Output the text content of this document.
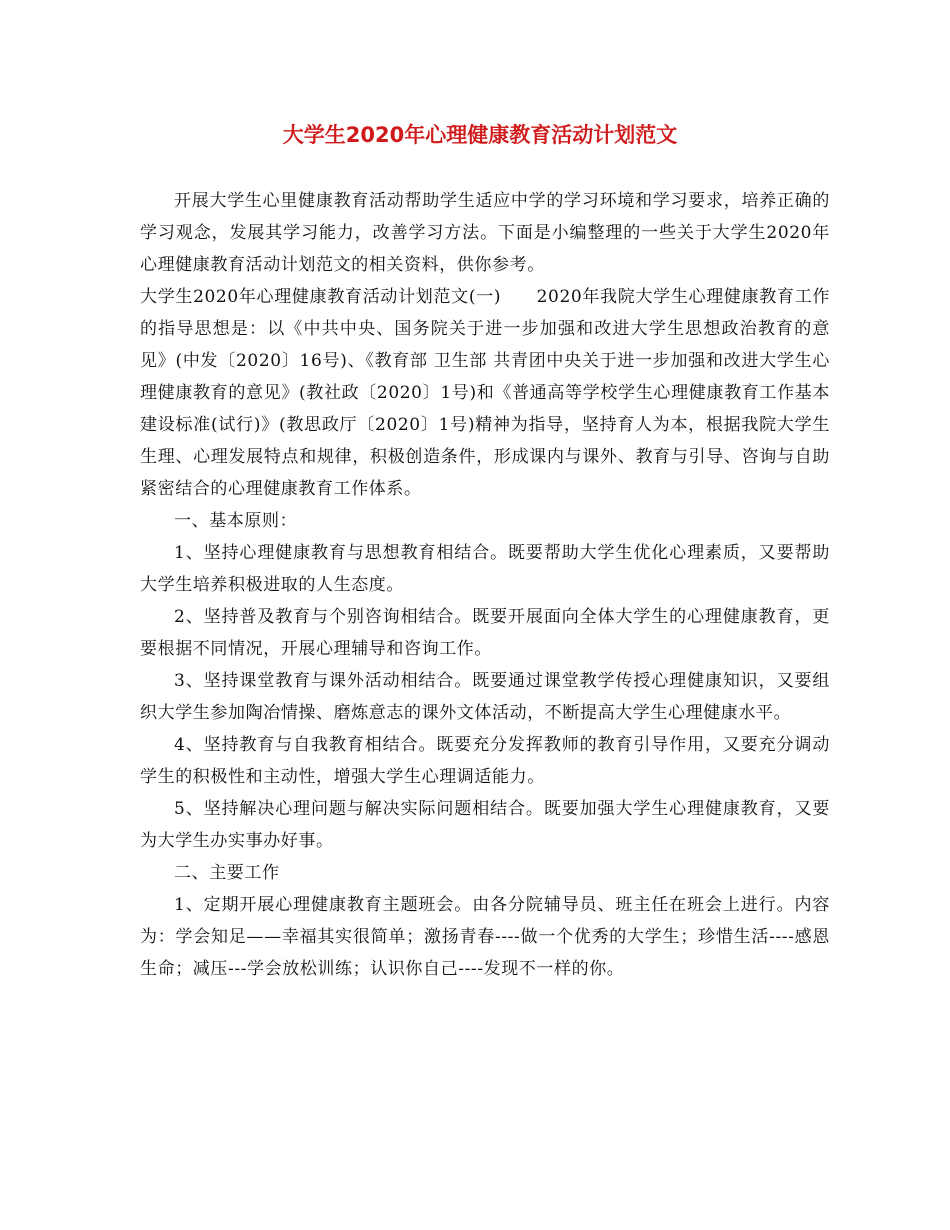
大学生2020年心理健康教育活动计划范文

开展大学生心里健康教育活动帮助学生适应中学的学习环境和学习要求，培养正确的学习观念，发展其学习能力，改善学习方法。下面是小编整理的一些关于大学生2020年心理健康教育活动计划范文的相关资料，供你参考。

大学生2020年心理健康教育活动计划范文(一)　　2020年我院大学生心理健康教育工作的指导思想是：以《中共中央、国务院关于进一步加强和改进大学生思想政治教育的意见》(中发〔2020〕16号)、《教育部 卫生部 共青团中央关于进一步加强和改进大学生心理健康教育的意见》(教社政〔2020〕1号)和《普通高等学校学生心理健康教育工作基本建设标准(试行)》(教思政厅〔2020〕1号)精神为指导，坚持育人为本，根据我院大学生生理、心理发展特点和规律，积极创造条件，形成课内与课外、教育与引导、咨询与自助紧密结合的心理健康教育工作体系。

一、基本原则：

1、坚持心理健康教育与思想教育相结合。既要帮助大学生优化心理素质，又要帮助大学生培养积极进取的人生态度。

2、坚持普及教育与个别咨询相结合。既要开展面向全体大学生的心理健康教育，更要根据不同情况，开展心理辅导和咨询工作。

3、坚持课堂教育与课外活动相结合。既要通过课堂教学传授心理健康知识，又要组织大学生参加陶冶情操、磨炼意志的课外文体活动，不断提高大学生心理健康水平。

4、坚持教育与自我教育相结合。既要充分发挥教师的教育引导作用，又要充分调动学生的积极性和主动性，增强大学生心理调适能力。

5、坚持解决心理问题与解决实际问题相结合。既要加强大学生心理健康教育，又要为大学生办实事办好事。

二、主要工作

1、定期开展心理健康教育主题班会。由各分院辅导员、班主任在班会上进行。内容为：学会知足——幸福其实很简单；激扬青春----做一个优秀的大学生；珍惜生活----感恩生命；减压---学会放松训练；认识你自己----发现不一样的你。
